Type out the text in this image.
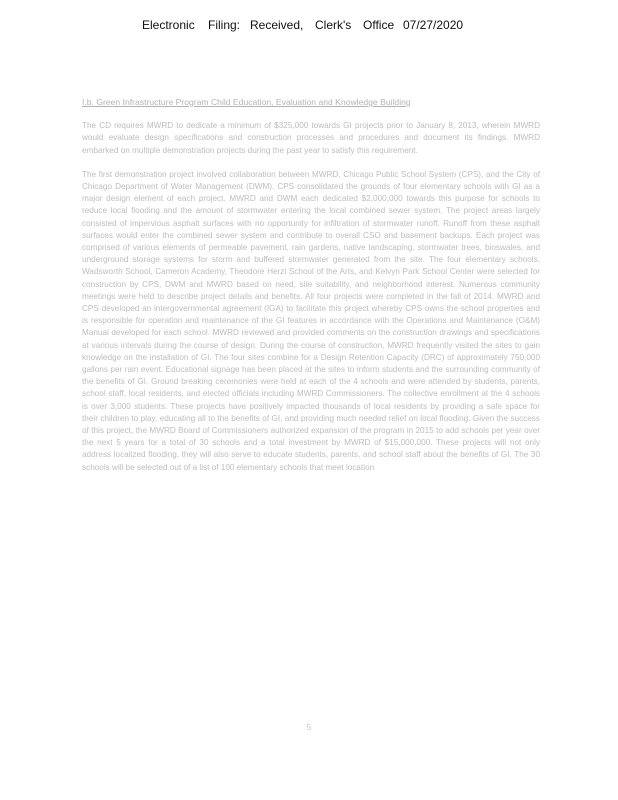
Electronic Filing: Received, Clerk's Office 07/27/2020
I.b. Green Infrastructure Program Child Education, Evaluation and Knowledge Building

The CD requires MWRD to dedicate a minimum of $325,000 towards GI projects prior to January 8, 2013, wherein MWRD would evaluate design specifications and construction processes and procedures and document its findings. MWRD embarked on multiple demonstration projects during the past year to satisfy this requirement.

The first demonstration project involved collaboration between MWRD, Chicago Public School System (CPS), and the City of Chicago Department of Water Management (DWM). CPS consolidated the grounds of four elementary schools with GI as a major design element of each project. MWRD and DWM each dedicated $2,000,000 towards this purpose for schools to reduce local flooding and the amount of stormwater entering the local combined sewer system. The project areas largely consisted of impervious asphalt surfaces with no opportunity for infiltration of stormwater runoff. Runoff from these asphalt surfaces would enter the combined sewer system and contribute to overall CSO and basement backups. Each project was comprised of various elements of permeable pavement, rain gardens, native landscaping, stormwater trees, bioswales, and underground storage systems for storm and buffered stormwater generated from the site. The four elementary schools, Wadsworth School, Cameron Academy, Theodore Herzl School of the Arts, and Kelvyn Park School Center were selected for construction by CPS, DWM and MWRD based on need, site suitability, and neighborhood interest. Numerous community meetings were held to describe project details and benefits. All four projects were completed in the fall of 2014. MWRD and CPS developed an intergovernmental agreement (IGA) to facilitate this project whereby CPS owns the school properties and is responsible for operation and maintenance of the GI features in accordance with the Operations and Maintenance (O&M) Manual developed for each school. MWRD reviewed and provided comments on the construction drawings and specifications at various intervals during the course of design. During the course of construction, MWRD frequently visited the sites to gain knowledge on the installation of GI. The four sites combine for a Design Retention Capacity (DRC) of approximately 750,000 gallons per rain event. Educational signage has been placed at the sites to inform students and the surrounding community of the benefits of GI. Ground breaking ceremonies were held at each of the 4 schools and were attended by students, parents, school staff, local residents, and elected officials including MWRD Commissioners. The collective enrollment at the 4 schools is over 3,000 students. These projects have positively impacted thousands of local residents by providing a safe space for their children to play, educating all to the benefits of GI, and providing much needed relief on local flooding. Given the success of this project, the MWRD Board of Commissioners authorized expansion of the program in 2015 to add schools per year over the next 5 years for a total of 30 schools and a total investment by MWRD of $15,000,000. These projects will not only address localized flooding, they will also serve to educate students, parents, and school staff about the benefits of GI. The 30 schools will be selected out of a list of 100 elementary schools that meet location

5
